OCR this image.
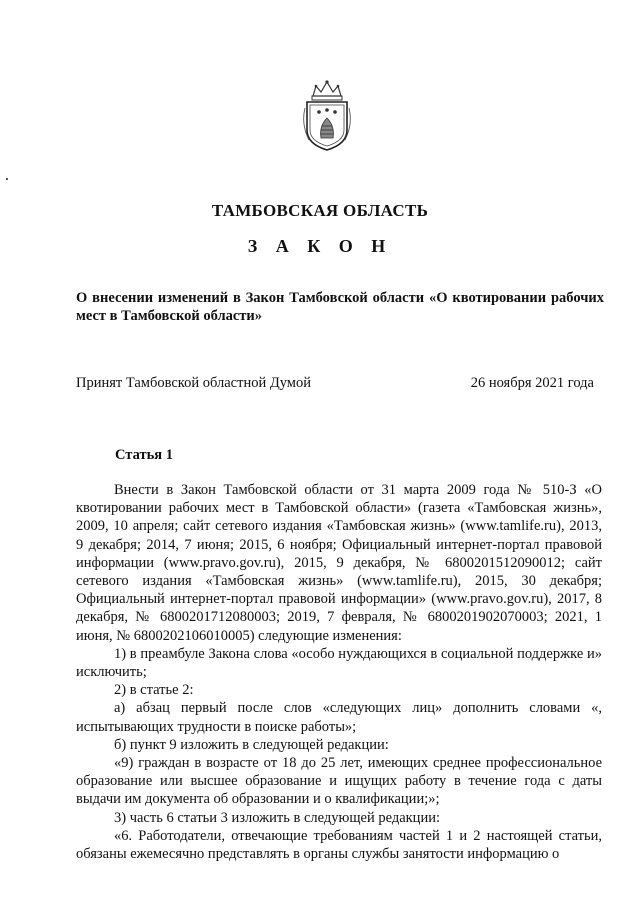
ТАМБОВСКАЯ ОБЛАСТЬ
З А К О Н
О внесении изменений в Закон Тамбовской области «О квотировании рабочих мест в Тамбовской области»
Принят Тамбовской областной Думой	26 ноября 2021 года
Статья 1

Внести в Закон Тамбовской области от 31 марта 2009 года № 510-З «О квотировании рабочих мест в Тамбовской области» (газета «Тамбовская жизнь», 2009, 10 апреля; сайт сетевого издания «Тамбовская жизнь» (www.tamlife.ru), 2013, 9 декабря; 2014, 7 июня; 2015, 6 ноября; Официальный интернет-портал правовой информации (www.pravo.gov.ru), 2015, 9 декабря, № 6800201512090012; сайт сетевого издания «Тамбовская жизнь» (www.tamlife.ru), 2015, 30 декабря; Официальный интернет-портал правовой информации» (www.pravo.gov.ru), 2017, 8 декабря, № 6800201712080003; 2019, 7 февраля, № 6800201902070003; 2021, 1 июня, № 6800202106010005) следующие изменения:

1) в преамбуле Закона слова «особо нуждающихся в социальной поддержке и» исключить;

2) в статье 2:

а) абзац первый после слов «следующих лиц» дополнить словами «, испытывающих трудности в поиске работы»;

б) пункт 9 изложить в следующей редакции:

«9) граждан в возрасте от 18 до 25 лет, имеющих среднее профессиональное образование или высшее образование и ищущих работу в течение года с даты выдачи им документа об образовании и о квалификации;»;

3) часть 6 статьи 3 изложить в следующей редакции:

«6. Работодатели, отвечающие требованиям частей 1 и 2 настоящей статьи, обязаны ежемесячно представлять в органы службы занятости информацию о
